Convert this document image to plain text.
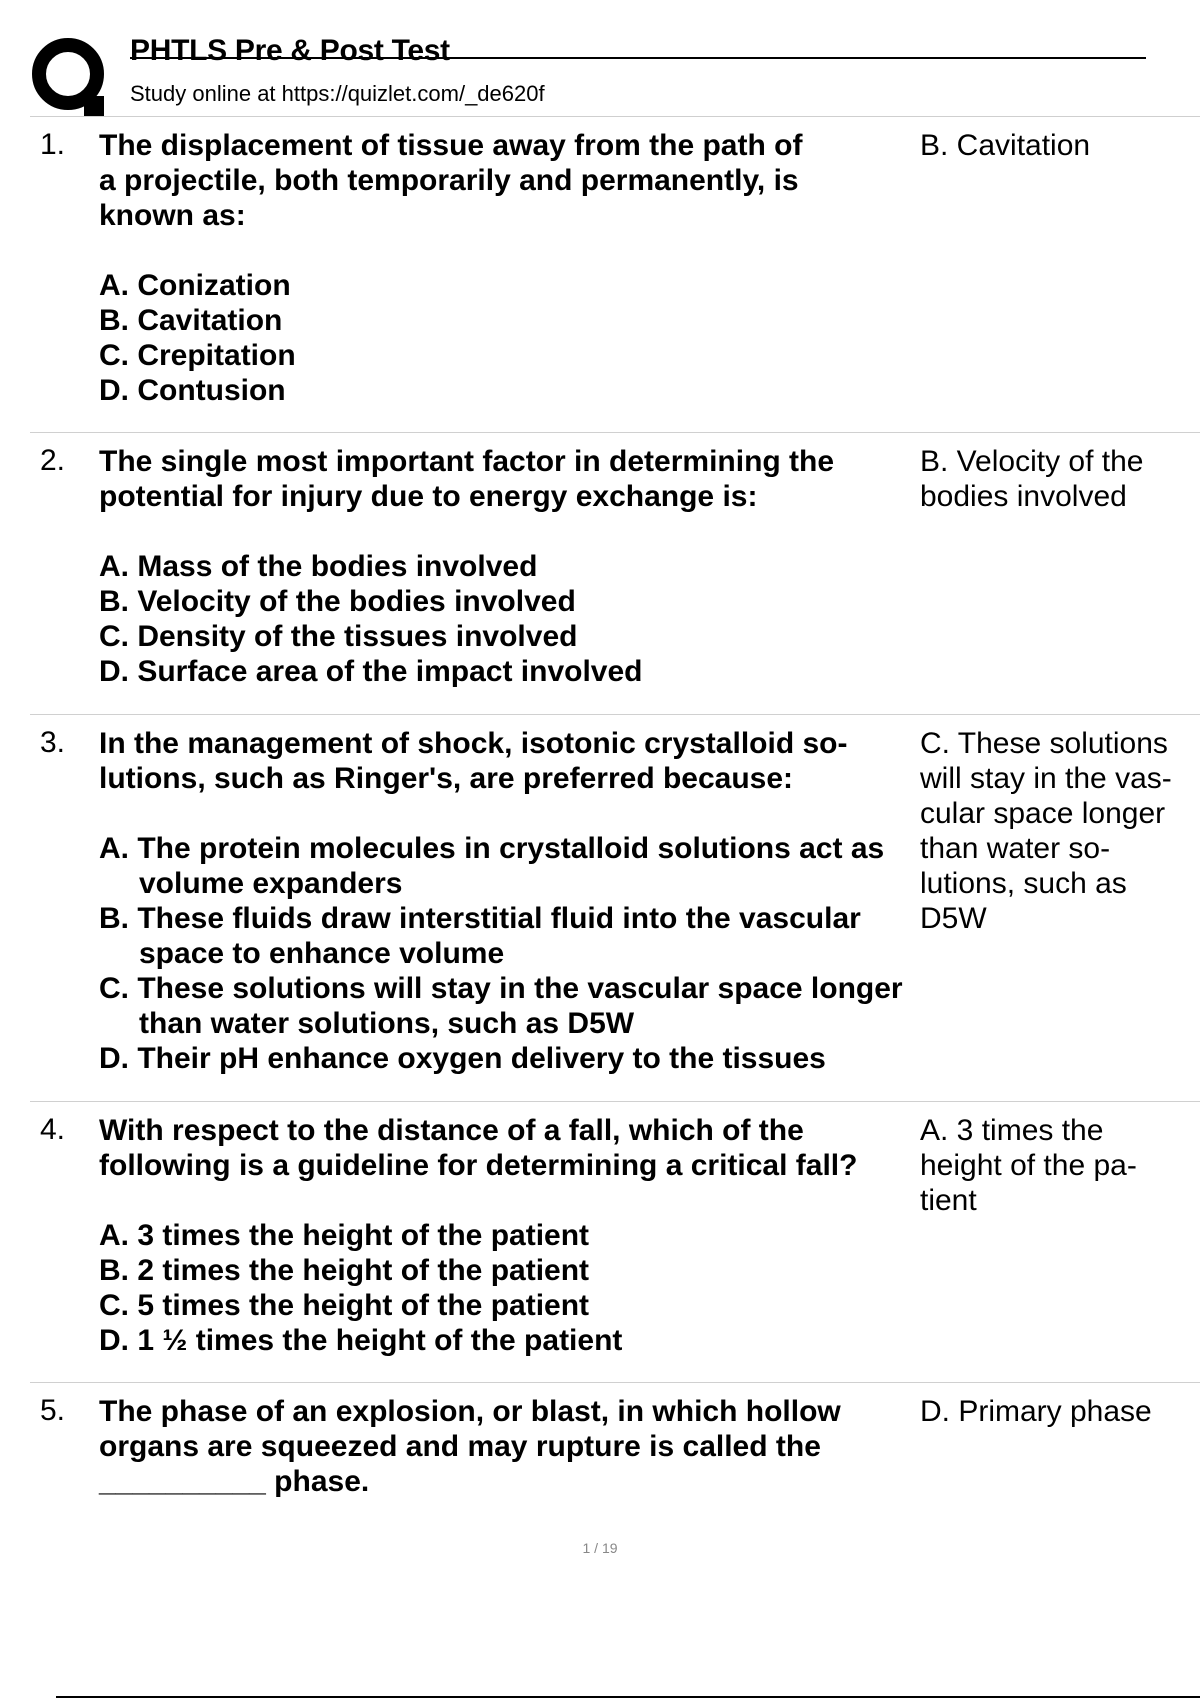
PHTLS Pre & Post Test
Study online at https://quizlet.com/_de620f
1. The displacement of tissue away from the path of
a projectile, both temporarily and permanently, is
known as:
A. Conization
B. Cavitation
C. Crepitation
D. Contusion
B. Cavitation
2. The single most important factor in determining the
potential for injury due to energy exchange is:
A. Mass of the bodies involved
B. Velocity of the bodies involved
C. Density of the tissues involved
D. Surface area of the impact involved
B. Velocity of the
bodies involved
3. In the management of shock, isotonic crystalloid so-
lutions, such as Ringer's, are preferred because:
A. The protein molecules in crystalloid solutions act as volume expanders
B. These fluids draw interstitial fluid into the vascular space to enhance volume
C. These solutions will stay in the vascular space longer than water solutions, such as D5W
D. Their pH enhance oxygen delivery to the tissues
C. These solutions
will stay in the vas-
cular space longer
than water so-
lutions, such as
D5W
4. With respect to the distance of a fall, which of the
following is a guideline for determining a critical fall?
A. 3 times the height of the patient
B. 2 times the height of the patient
C. 5 times the height of the patient
D. 1 ½ times the height of the patient
A. 3 times the
height of the pa-
tient
5. The phase of an explosion, or blast, in which hollow
organs are squeezed and may rupture is called the
__________ phase.
D. Primary phase
1 / 19
